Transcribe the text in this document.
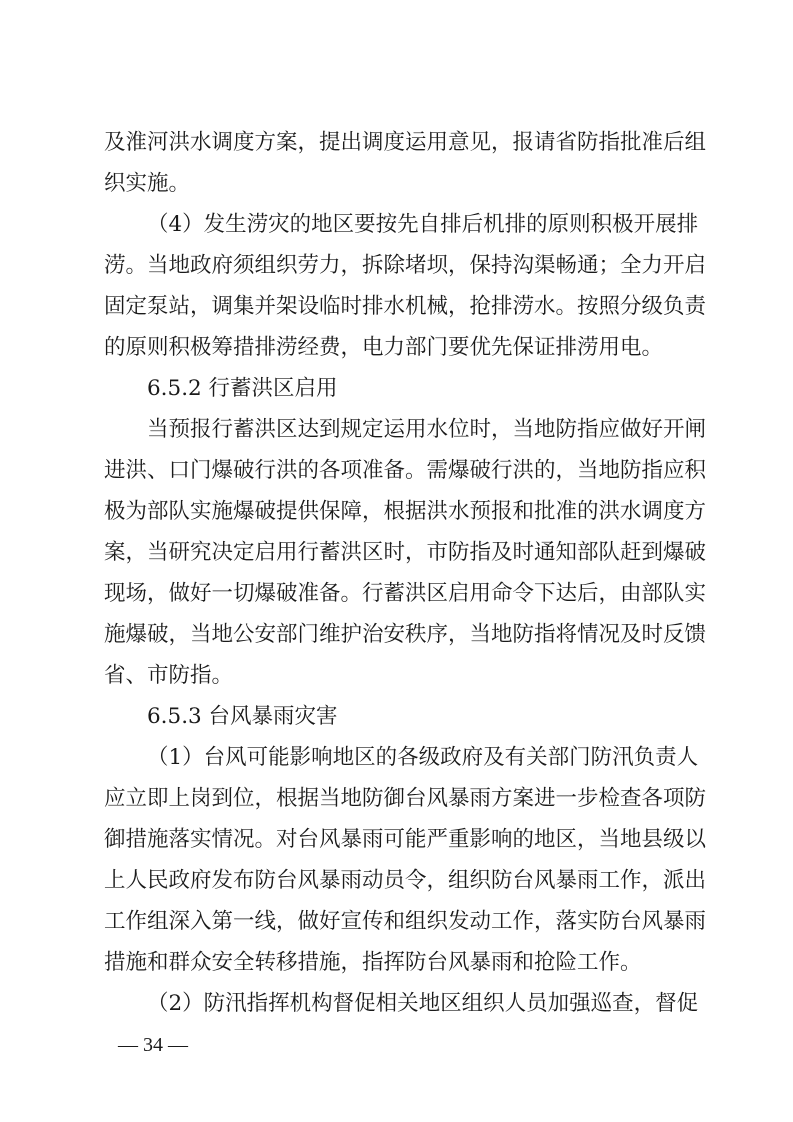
及淮河洪水调度方案，提出调度运用意见，报请省防指批准后组
织实施。
（4）发生涝灾的地区要按先自排后机排的原则积极开展排
涝。当地政府须组织劳力，拆除堵坝，保持沟渠畅通；全力开启
固定泵站，调集并架设临时排水机械，抢排涝水。按照分级负责
的原则积极筹措排涝经费，电力部门要优先保证排涝用电。
6.5.2 行蓄洪区启用
当预报行蓄洪区达到规定运用水位时，当地防指应做好开闸
进洪、口门爆破行洪的各项准备。需爆破行洪的，当地防指应积
极为部队实施爆破提供保障，根据洪水预报和批准的洪水调度方
案，当研究决定启用行蓄洪区时，市防指及时通知部队赶到爆破
现场，做好一切爆破准备。行蓄洪区启用命令下达后，由部队实
施爆破，当地公安部门维护治安秩序，当地防指将情况及时反馈
省、市防指。
6.5.3 台风暴雨灾害
（1）台风可能影响地区的各级政府及有关部门防汛负责人
应立即上岗到位，根据当地防御台风暴雨方案进一步检查各项防
御措施落实情况。对台风暴雨可能严重影响的地区，当地县级以
上人民政府发布防台风暴雨动员令，组织防台风暴雨工作，派出
工作组深入第一线，做好宣传和组织发动工作，落实防台风暴雨
措施和群众安全转移措施，指挥防台风暴雨和抢险工作。
（2）防汛指挥机构督促相关地区组织人员加强巡查，督促
— 34 —
